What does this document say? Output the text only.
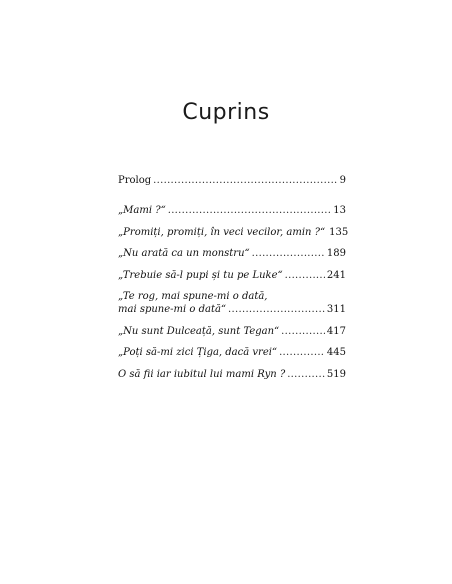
Cuprins
Prolog .....	9
„Mami ?“ .....	13
„Promiți, promiți, în veci vecilor, amin ?“ 135
„Nu arată ca un monstru“ .....	189
„Trebuie să-l pupi și tu pe Luke“ .....	241
„Te rog, mai spune-mi o dată,
mai spune-mi o dată“ .....	311
„Nu sunt Dulceață, sunt Tegan“ .....	417
„Poți să-mi zici Țiga, dacă vrei“ .....	445
O să fii iar iubitul lui mami Ryn ? .....	519
